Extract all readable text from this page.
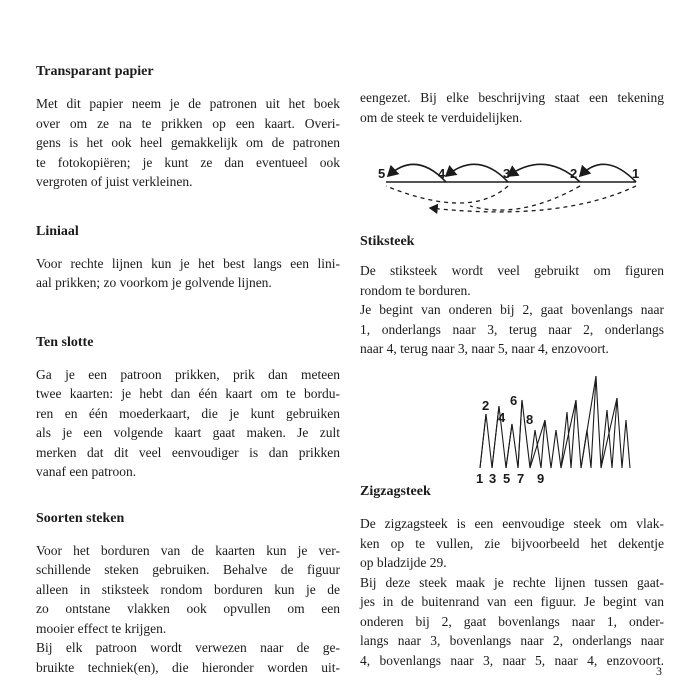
Transparant papier

Met dit papier neem je de patronen uit het boek
over om ze na te prikken op een kaart. Overi-
gens is het ook heel gemakkelijk om de patronen
te fotokopiëren; je kunt ze dan eventueel ook
vergroten of juist verkleinen.

Liniaal

Voor rechte lijnen kun je het best langs een lini-
aal prikken; zo voorkom je golvende lijnen.

Ten slotte

Ga je een patroon prikken, prik dan meteen
twee kaarten: je hebt dan één kaart om te bordu-
ren en één moederkaart, die je kunt gebruiken
als je een volgende kaart gaat maken. Je zult
merken dat dit veel eenvoudiger is dan prikken
vanaf een patroon.

Soorten steken

Voor het borduren van de kaarten kun je ver-
schillende steken gebruiken. Behalve de figuur
alleen in stiksteek rondom borduren kun je de
zo ontstane vlakken ook opvullen om een
mooier effect te krijgen.
Bij elk patroon wordt verwezen naar de ge-
bruikte techniek(en), die hieronder worden uit-

eengezet. Bij elke beschrijving staat een tekening
om de steek te verduidelijken.

5	4	3	2	1
Stiksteek

De stiksteek wordt veel gebruikt om figuren
rondom te borduren.
Je begint van onderen bij 2, gaat bovenlangs naar
1, onderlangs naar 3, terug naar 2, onderlangs
naar 4, terug naar 3, naar 5, naar 4, enzovoort.

2 6
4 8
1 3 5 7 9
Zigzagsteek

De zigzagsteek is een eenvoudige steek om vlak-
ken op te vullen, zie bijvoorbeeld het dekentje
op bladzijde 29.
Bij deze steek maak je rechte lijnen tussen gaat-
jes in de buitenrand van een figuur. Je begint van
onderen bij 2, gaat bovenlangs naar 1, onder-
langs naar 3, bovenlangs naar 2, onderlangs naar
4, bovenlangs naar 3, naar 5, naar 4, enzovoort.

3
